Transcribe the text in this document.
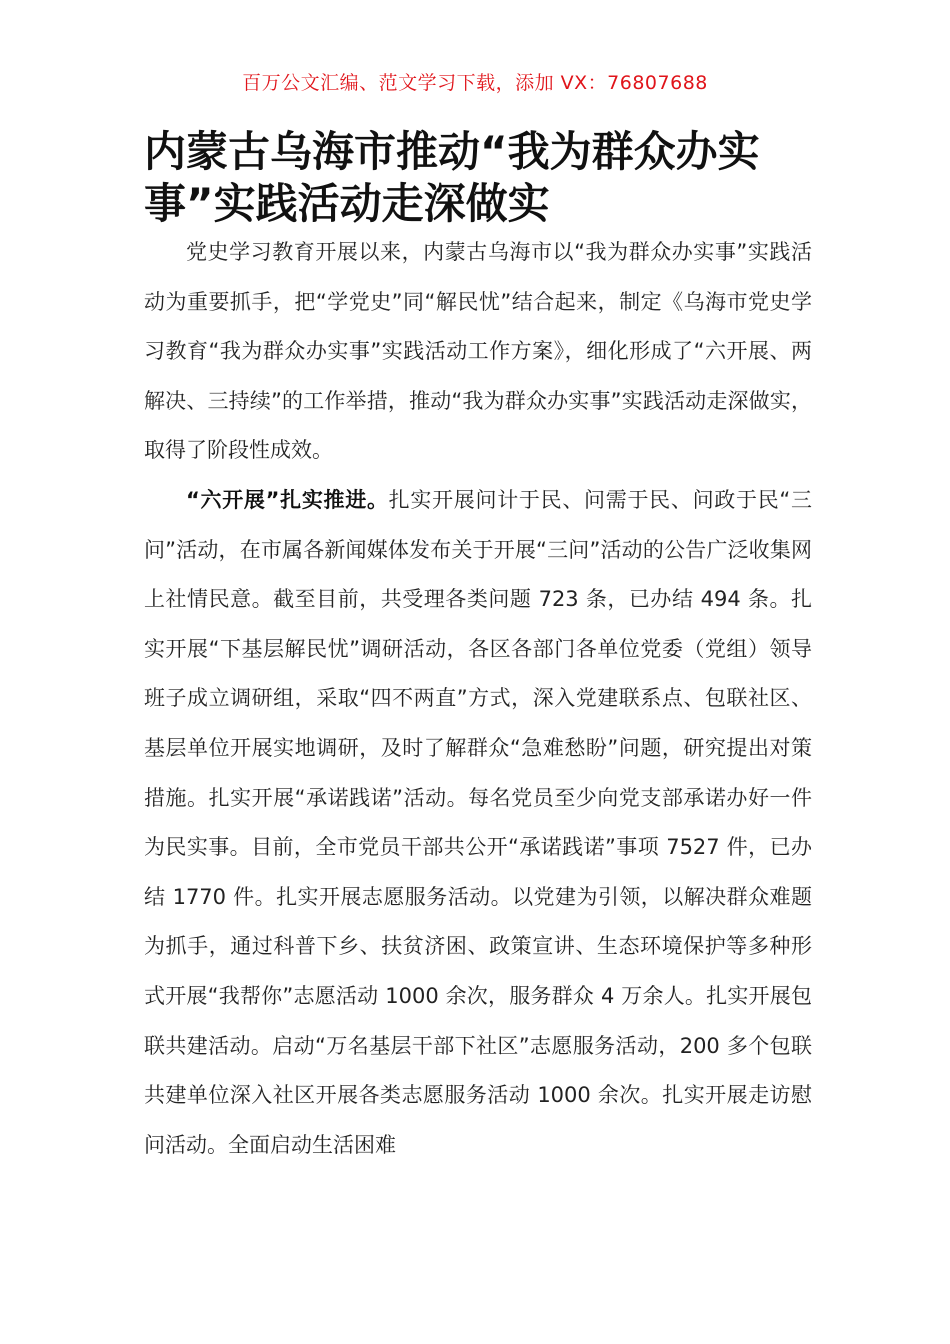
百万公文汇编、范文学习下载，添加 VX：76807688
内蒙古乌海市推动“我为群众办实事”实践活动走深做实

党史学习教育开展以来，内蒙古乌海市以“我为群众办实事”实践活动为重要抓手，把“学党史”同“解民忧”结合起来，制定《乌海市党史学习教育“我为群众办实事”实践活动工作方案》，细化形成了“六开展、两解决、三持续”的工作举措，推动“我为群众办实事”实践活动走深做实，取得了阶段性成效。

“六开展”扎实推进。扎实开展问计于民、问需于民、问政于民“三问”活动，在市属各新闻媒体发布关于开展“三问”活动的公告广泛收集网上社情民意。截至目前，共受理各类问题 723 条，已办结 494 条。扎实开展“下基层解民忧”调研活动，各区各部门各单位党委（党组）领导班子成立调研组，采取“四不两直”方式，深入党建联系点、包联社区、基层单位开展实地调研，及时了解群众“急难愁盼”问题，研究提出对策措施。扎实开展“承诺践诺”活动。每名党员至少向党支部承诺办好一件为民实事。目前，全市党员干部共公开“承诺践诺”事项 7527 件，已办结 1770 件。扎实开展志愿服务活动。以党建为引领，以解决群众难题为抓手，通过科普下乡、扶贫济困、政策宣讲、生态环境保护等多种形式开展“我帮你”志愿活动 1000 余次，服务群众 4 万余人。扎实开展包联共建活动。启动“万名基层干部下社区”志愿服务活动，200 多个包联共建单位深入社区开展各类志愿服务活动 1000 余次。扎实开展走访慰问活动。全面启动生活困难
